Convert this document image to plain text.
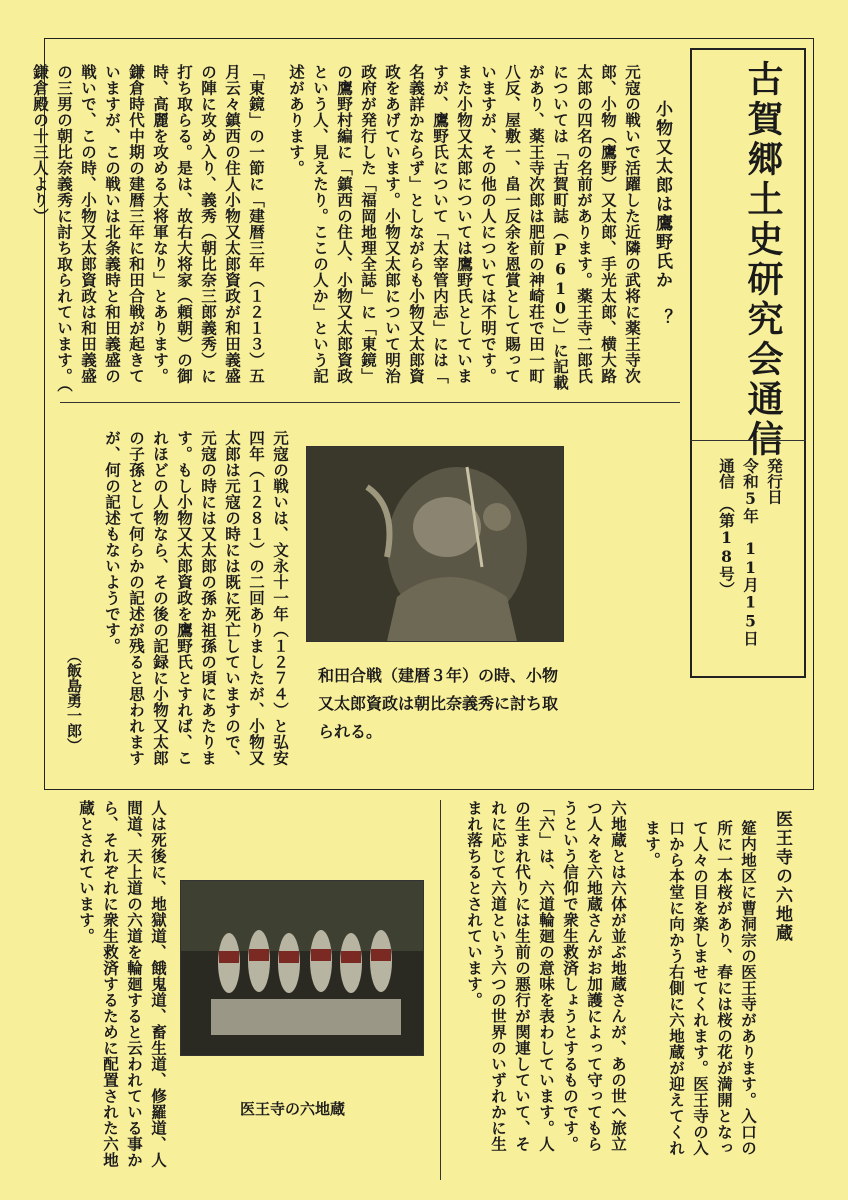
古賀郷土史研究会通信
発行日
令和5年　11月15日
通信　（第18号）
小物又太郎は鷹野氏か　？
元寇の戦いで活躍した近隣の武将に薬王寺次郎、小物（鷹野）又太郎、手光太郎、横大路太郎の四名の名前があります。薬王寺二郎氏については「古賀町誌（P610）」に記載があり、薬王寺次郎は肥前の神崎荘で田一町八反、屋敷一、畠一反余を恩賞として賜っていますが、その他の人については不明です。また小物又太郎については鷹野氏としていますが、鷹野氏について「太宰管内志」には「名義詳かならず」としながらも小物又太郎資政をあげています。小物又太郎について明治政府が発行した「福岡地理全誌」に「東鏡」の鷹野村編に「鎮西の住人、小物又太郎資政という人、見えたり。ここの人か」という記述があります。
「東鏡」の一節に「建暦三年（１２１３）五月云々鎮西の住人小物又太郎資政が和田義盛の陣に攻め入り、義秀（朝比奈三郎義秀）に打ち取らる。是は、故右大将家（頼朝）の御時、高麗を攻める大将軍なり」とあります。鎌倉時代中期の建暦三年に和田合戦が起きていますが、この戦いは北条義時と和田義盛の戦いで、この時、小物又太郎資政は和田義盛の三男の朝比奈義秀に討ち取られています。（鎌倉殿の十三人より）
和田合戦（建暦３年）の時、小物又太郎資政は朝比奈義秀に討ち取られる。
元寇の戦いは、文永十一年（１２７４）と弘安四年（１２８１）の二回ありましたが、小物又太郎は元寇の時には既に死亡していますので、元寇の時には又太郎の孫か祖孫の頃にあたります。もし小物又太郎資政を鷹野氏とすれば、これほどの人物なら、その後の記録に小物又太郎の子孫として何らかの記述が残ると思われますが、何の記述もないようです。
医王寺の六地蔵
筵内地区に曹洞宗の医王寺があります。入口の所に一本桜があり、春には桜の花が満開となって人々の目を楽しませてくれます。医王寺の入口から本堂に向かう右側に六地蔵が迎えてくれます。
六地蔵とは六体が並ぶ地蔵さんが、あの世へ旅立つ人々を六地蔵さんがお加護によって守ってもらうという信仰で衆生救済しょうとするものです。「六」は、六道輪廻の意味を表わしています。人の生まれ代りには生前の悪行が関連していて、それに応じて六道という六つの世界のいずれかに生まれ落ちるとされています。
医王寺の六地蔵
人は死後に、地獄道、餓鬼道、畜生道、修羅道、人間道、天上道の六道を輪廻すると云われている事から、それぞれに衆生救済するために配置された六地蔵とされています。
（飯島勇一郎）
